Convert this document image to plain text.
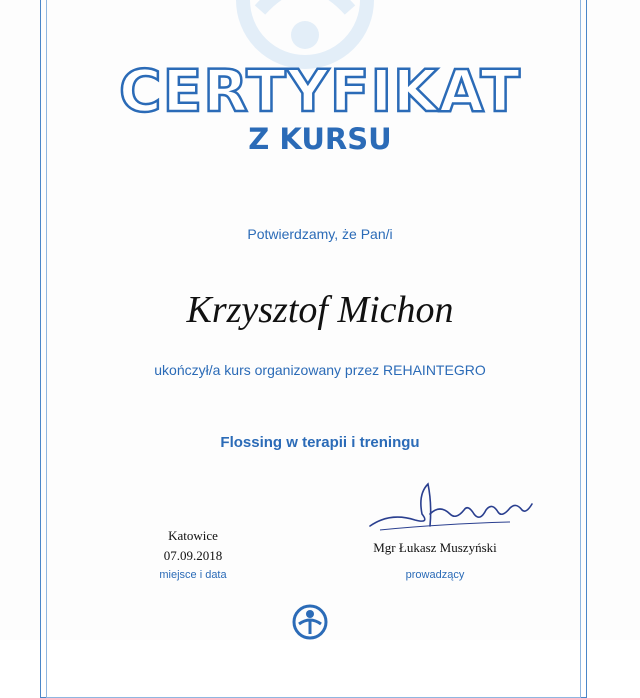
CERTYFIKAT
Z KURSU
Potwierdzamy, że Pan/i
Krzysztof Michon
ukończył/a kurs organizowany przez REHAINTEGRO
Flossing w terapii i treningu
Katowice
07.09.2018
miejsce i data
Mgr Łukasz Muszyński
prowadzący
